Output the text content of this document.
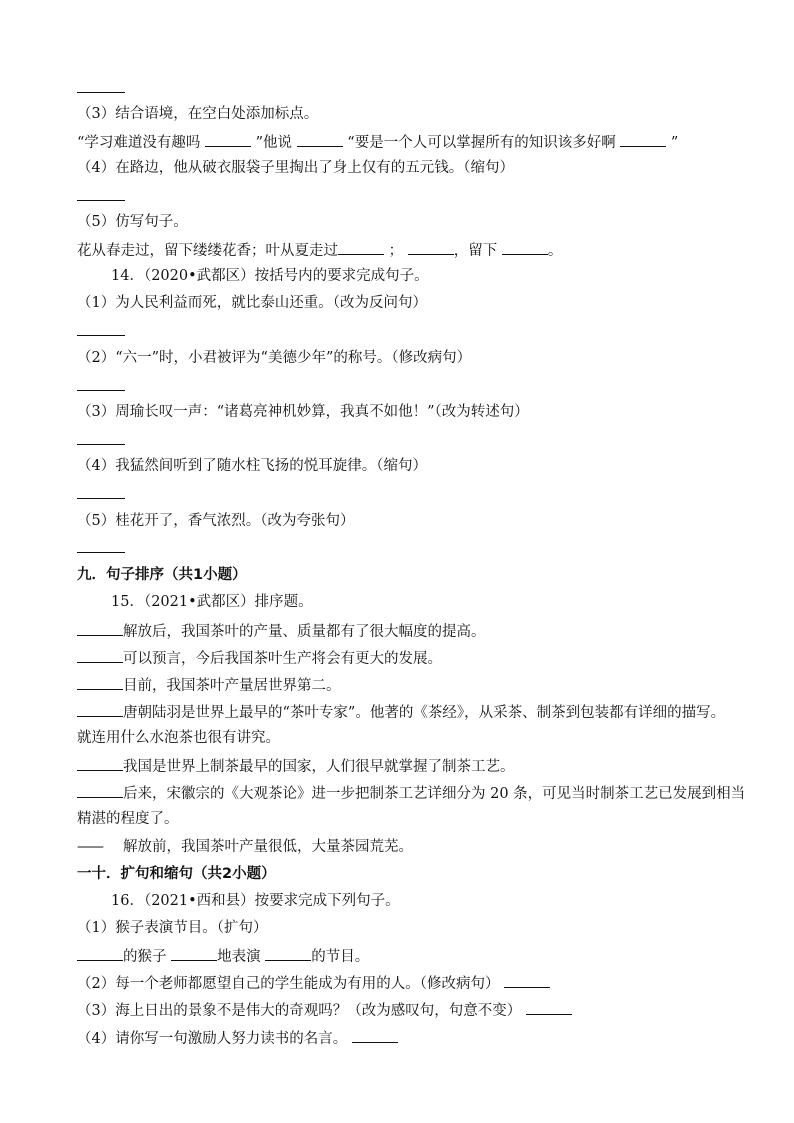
（3）结合语境，在空白处添加标点。
“学习难道没有趣吗	”他说	“要是一个人可以掌握所有的知识该多好啊	”
（4）在路边，他从破衣服袋子里掏出了身上仅有的五元钱。（缩句）
（5）仿写句子。
花从春走过，留下缕缕花香；叶从夏走过	；	，留下	。
14．（2020•武都区）按括号内的要求完成句子。
（1）为人民利益而死，就比泰山还重。（改为反问句）
（2）“六一”时，小君被评为“美德少年”的称号。（修改病句）
（3）周瑜长叹一声：“诸葛亮神机妙算，我真不如他！”（改为转述句）
（4）我猛然间听到了随水柱飞扬的悦耳旋律。（缩句）
（5）桂花开了，香气浓烈。（改为夸张句）
九．句子排序（共1小题）
15．（2021•武都区）排序题。
解放后，我国茶叶的产量、质量都有了很大幅度的提高。
可以预言，今后我国茶叶生产将会有更大的发展。
目前，我国茶叶产量居世界第二。
唐朝陆羽是世界上最早的“茶叶专家”。他著的《茶经》，从采茶、制茶到包装都有详细的描写。
就连用什么水泡茶也很有讲究。
我国是世界上制茶最早的国家，人们很早就掌握了制茶工艺。
后来，宋徽宗的《大观茶论》进一步把制茶工艺详细分为 20 条，可见当时制茶工艺已发展到相当
精湛的程度了。
—— 解放前，我国茶叶产量很低，大量茶园荒芜。
一十．扩句和缩句（共2小题）
16．（2021•西和县）按要求完成下列句子。
（1）猴子表演节目。（扩句）
的猴子	地表演	的节目。
（2）每一个老师都愿望自己的学生能成为有用的人。（修改病句）
（3）海上日出的景象不是伟大的奇观吗？（改为感叹句，句意不变）
（4）请你写一句激励人努力读书的名言。
